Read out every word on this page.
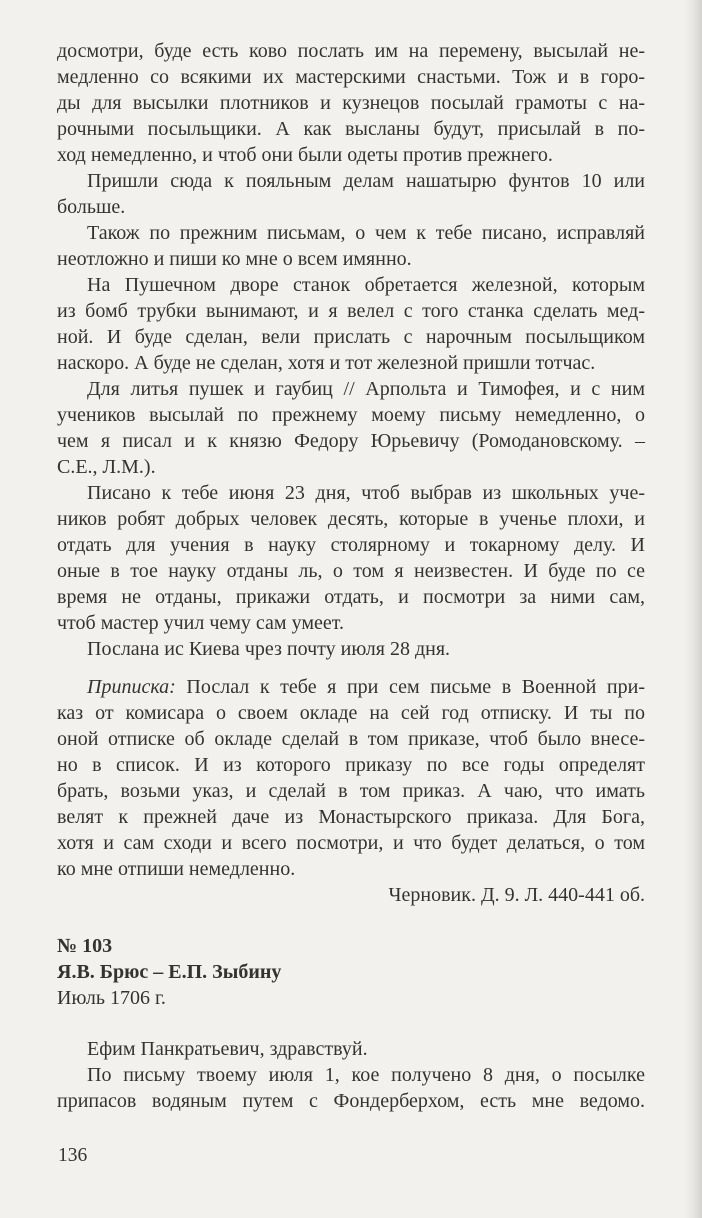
досмотри, буде есть ково послать им на перемену, высылай не-
медленно со всякими их мастерскими снастьми. Тож и в горо-
ды для высылки плотников и кузнецов посылай грамоты с на-
рочными посыльщики. А как высланы будут, присылай в по-
ход немедленно, и чтоб они были одеты против прежнего.
Пришли сюда к пояльным делам нашатырю фунтов 10 или
больше.
Також по прежним письмам, о чем к тебе писано, исправляй
неотложно и пиши ко мне о всем имянно.
На Пушечном дворе станок обретается железной, которым
из бомб трубки вынимают, и я велел с того станка сделать мед-
ной. И буде сделан, вели прислать с нарочным посыльщиком
наскоро. А буде не сделан, хотя и тот железной пришли тотчас.
Для литья пушек и гаубиц // Арпольта и Тимофея, и с ним
учеников высылай по прежнему моему письму немедленно, о
чем я писал и к князю Федору Юрьевичу (Ромодановскому. –
С.Е., Л.М.).
Писано к тебе июня 23 дня, чтоб выбрав из школьных уче-
ников робят добрых человек десять, которые в ученье плохи, и
отдать для учения в науку столярному и токарному делу. И
оные в тое науку отданы ль, о том я неизвестен. И буде по се
время не отданы, прикажи отдать, и посмотри за ними сам,
чтоб мастер учил чему сам умеет.
Послана ис Киева чрез почту июля 28 дня.
Приписка: Послал к тебе я при сем письме в Военной при-
каз от комисара о своем окладе на сей год отписку. И ты по
оной отписке об окладе сделай в том приказе, чтоб было внесе-
но в список. И из которого приказу по все годы определят
брать, возьми указ, и сделай в том приказ. А чаю, что имать
велят к прежней даче из Монастырского приказа. Для Бога,
хотя и сам сходи и всего посмотри, и что будет делаться, о том
ко мне отпиши немедленно.
Черновик. Д. 9. Л. 440-441 об.
№ 103
Я.В. Брюс – Е.П. Зыбину
Июль 1706 г.
Ефим Панкратьевич, здравствуй.
По письму твоему июля 1, кое получено 8 дня, о посылке
припасов водяным путем с Фондерберхом, есть мне ведомо.
136
